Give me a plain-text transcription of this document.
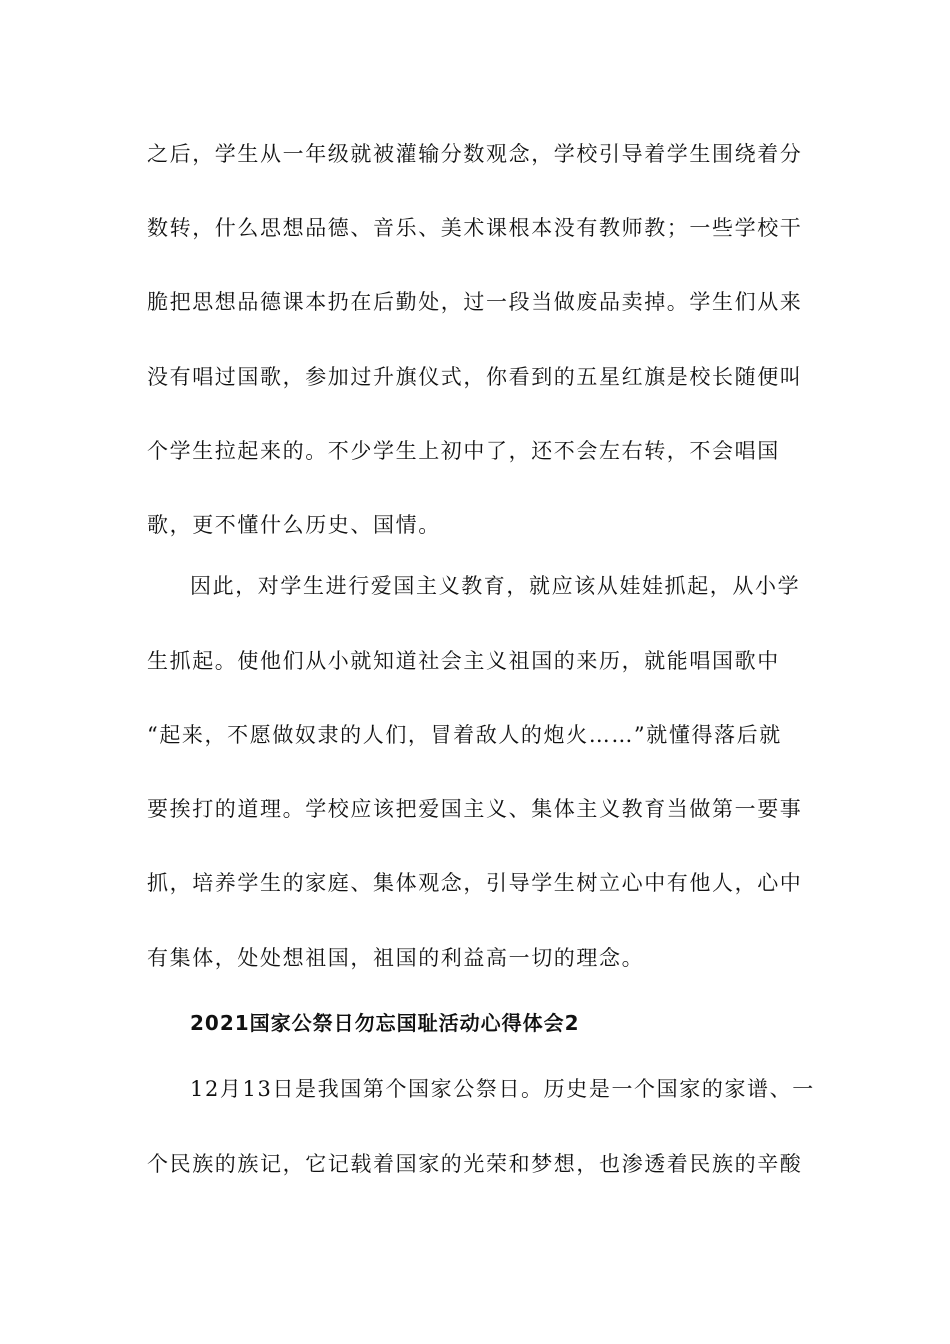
之后，学生从一年级就被灌输分数观念，学校引导着学生围绕着分
数转，什么思想品德、音乐、美术课根本没有教师教；一些学校干
脆把思想品德课本扔在后勤处，过一段当做废品卖掉。学生们从来
没有唱过国歌，参加过升旗仪式，你看到的五星红旗是校长随便叫
个学生拉起来的。不少学生上初中了，还不会左右转，不会唱国
歌，更不懂什么历史、国情。
因此，对学生进行爱国主义教育，就应该从娃娃抓起，从小学
生抓起。使他们从小就知道社会主义祖国的来历，就能唱国歌中
“起来，不愿做奴隶的人们，冒着敌人的炮火……”就懂得落后就
要挨打的道理。学校应该把爱国主义、集体主义教育当做第一要事
抓，培养学生的家庭、集体观念，引导学生树立心中有他人，心中
有集体，处处想祖国，祖国的利益高一切的理念。
2021国家公祭日勿忘国耻活动心得体会2
12月13日是我国第个国家公祭日。历史是一个国家的家谱、一
个民族的族记，它记载着国家的光荣和梦想，也渗透着民族的辛酸
